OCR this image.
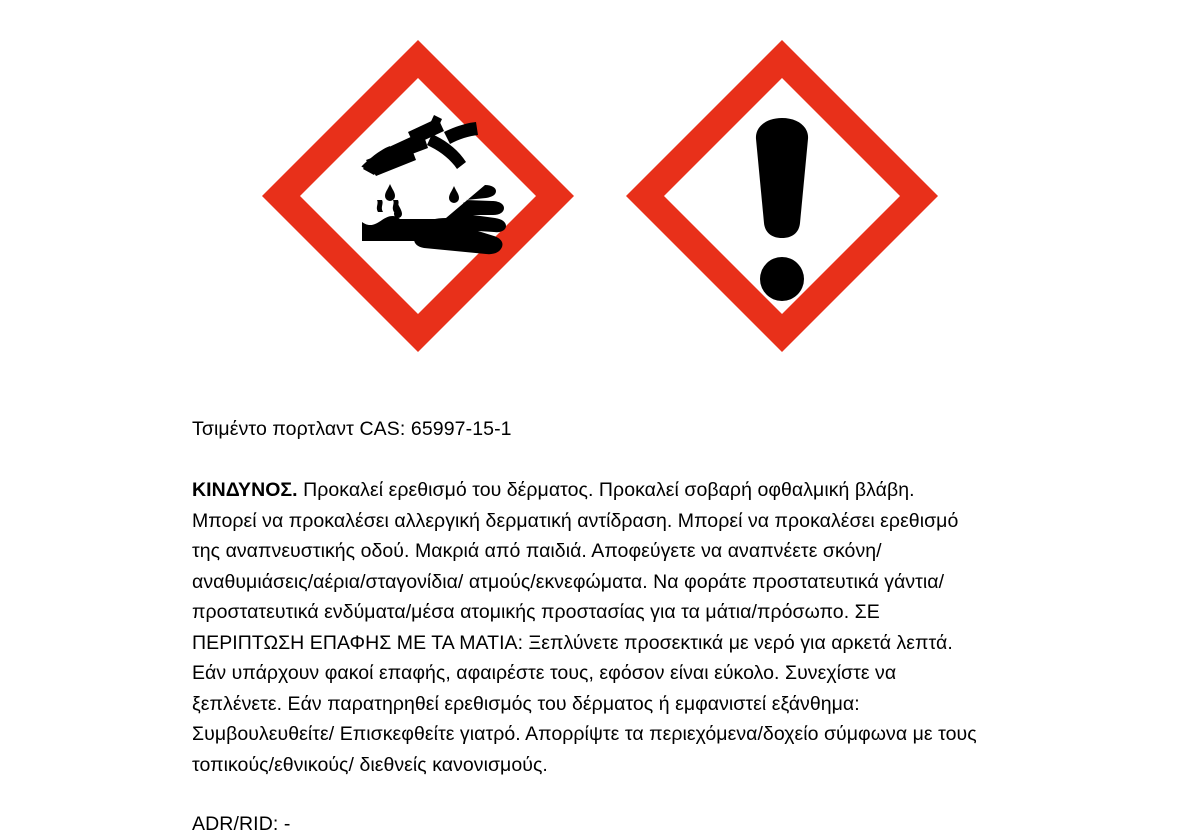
Τσιμέντο πορτλαντ CAS: 65997-15-1

ΚΙΝΔΥΝΟΣ. Προκαλεί ερεθισμό του δέρματος. Προκαλεί σοβαρή οφθαλμική βλάβη. Μπορεί να προκαλέσει αλλεργική δερματική αντίδραση. Μπορεί να προκαλέσει ερεθισμό της αναπνευστικής οδού. Μακριά από παιδιά. Αποφεύγετε να αναπνέετε σκόνη/αναθυμιάσεις/αέρια/σταγονίδια/ ατμούς/εκνεφώματα. Να φοράτε προστατευτικά γάντια/προστατευτικά ενδύματα/μέσα ατομικής προστασίας για τα μάτια/πρόσωπο. ΣΕ ΠΕΡΙΠΤΩΣΗ ΕΠΑΦΗΣ ΜΕ ΤΑ ΜΑΤΙΑ: Ξεπλύνετε προσεκτικά με νερό για αρκετά λεπτά. Εάν υπάρχουν φακοί επαφής, αφαιρέστε τους, εφόσον είναι εύκολο. Συνεχίστε να ξεπλένετε. Εάν παρατηρηθεί ερεθισμός του δέρματος ή εμφανιστεί εξάνθημα: Συμβουλευθείτε/ Επισκεφθείτε γιατρό. Απορρίψτε τα περιεχόμενα/δοχείο σύμφωνα με τους τοπικούς/εθνικούς/ διεθνείς κανονισμούς.

ADR/RID: -
